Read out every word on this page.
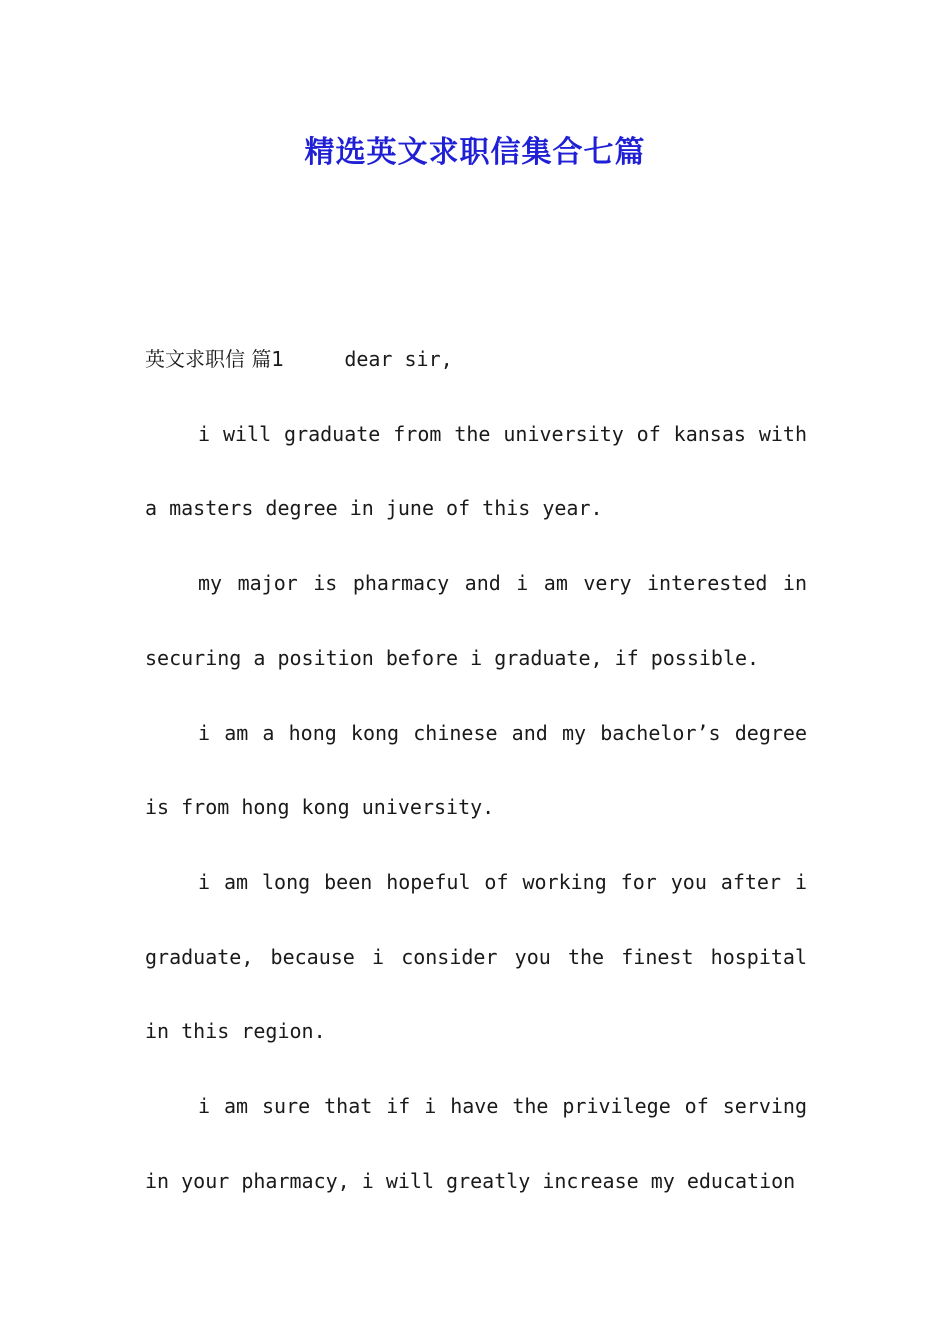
精选英文求职信集合七篇

英文求职信 篇1	dear sir,

i will graduate from the university of kansas with a masters degree in june of this year.

my major is pharmacy and i am very interested in securing a position before i graduate, if possible.

i am a hong kong chinese and my bachelor’s degree is from hong kong university.

i am long been hopeful of working for you after i graduate, because i consider you the finest hospital in this region.

i am sure that if i have the privilege of serving in your pharmacy, i will greatly increase my education
